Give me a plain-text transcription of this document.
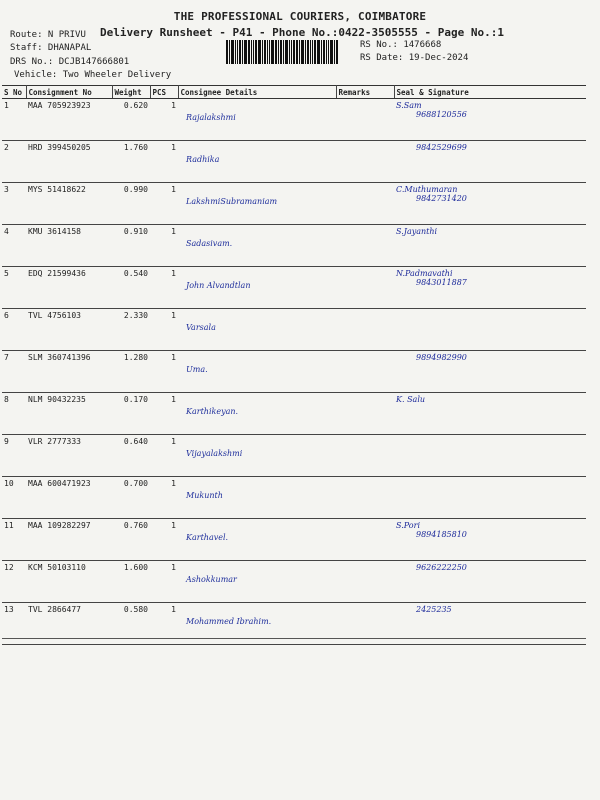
THE PROFESSIONAL COURIERS, COIMBATORE
Delivery Runsheet - P41 - Phone No.:0422-3505555 - Page No.:1
Route: N PRIVU
Staff: DHANAPAL
DRS No.: DCJB147666801
Vehicle: Two Wheeler Delivery
RS No.: 1476668
RS Date: 19-Dec-2024
S No	Consignment No	Weight	PCS	Consignee Details	Remarks	Seal & Signature
1	MAA 705923923	0.620	1	Rajalakshmi		S.Sam
9688120556

2	HRD 399450205	1.760	1	Radhika		9842529699

3	MYS 51418622	0.990	1	LakshmiSubramaniam		C.Muthumaran
9842731420

4	KMU 3614158	0.910	1	Sadasivam.		S.Jayanthi

5	EDQ 21599436	0.540	1	John Alvandtlan		N.Padmavathi
9843011887

6	TVL 4756103	2.330	1	Varsala		

7	SLM 360741396	1.280	1	Uma.		9894982990

8	NLM 90432235	0.170	1	Karthikeyan.		K. Salu

9	VLR 2777333	0.640	1	Vijayalakshmi		

10	MAA 600471923	0.700	1	Mukunth		

11	MAA 109282297	0.760	1	Karthavel.		S.Pori
9894185810

12	KCM 50103110	1.600	1	Ashokkumar		9626222250

13	TVL 2866477	0.580	1	Mohammed Ibrahim.		2425235
